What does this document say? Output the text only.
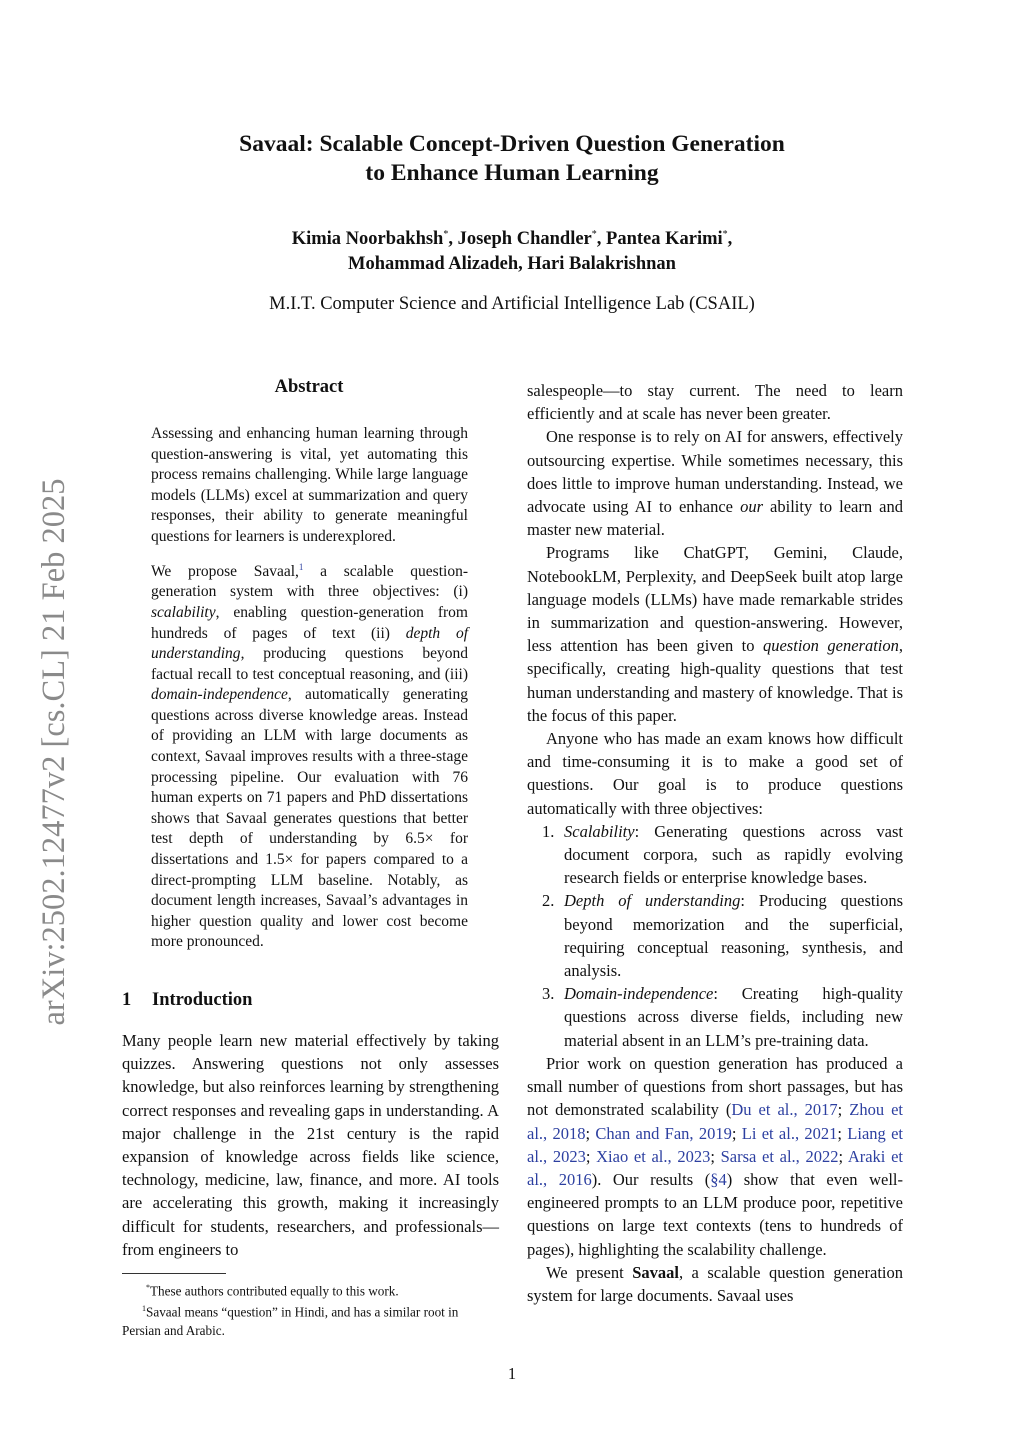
arXiv:2502.12477v2 [cs.CL] 21 Feb 2025
Savaal: Scalable Concept-Driven Question Generation
to Enhance Human Learning
Kimia Noorbakhsh*, Joseph Chandler*, Pantea Karimi*,
Mohammad Alizadeh, Hari Balakrishnan
M.I.T. Computer Science and Artificial Intelligence Lab (CSAIL)
Abstract

Assessing and enhancing human learning through question-answering is vital, yet automating this process remains challenging. While large language models (LLMs) excel at summarization and query responses, their ability to generate meaningful questions for learners is underexplored.

We propose Savaal,$^1$ a scalable question-generation system with three objectives: (i) scalability, enabling question-generation from hundreds of pages of text (ii) depth of understanding, producing questions beyond factual recall to test conceptual reasoning, and (iii) domain-independence, automatically generating questions across diverse knowledge areas. Instead of providing an LLM with large documents as context, Savaal improves results with a three-stage processing pipeline. Our evaluation with 76 human experts on 71 papers and PhD dissertations shows that Savaal generates questions that better test depth of understanding by 6.5× for dissertations and 1.5× for papers compared to a direct-prompting LLM baseline. Notably, as document length increases, Savaal’s advantages in higher question quality and lower cost become more pronounced.

1 Introduction

Many people learn new material effectively by taking quizzes. Answering questions not only assesses knowledge, but also reinforces learning by strengthening correct responses and revealing gaps in understanding. A major challenge in the 21st century is the rapid expansion of knowledge across fields like science, technology, medicine, law, finance, and more. AI tools are accelerating this growth, making it increasingly difficult for students, researchers, and professionals—from engineers to

*These authors contributed equally to this work.
$^1$Savaal means “question” in Hindi, and has a similar root in Persian and Arabic.

salespeople—to stay current. The need to learn efficiently and at scale has never been greater.

One response is to rely on AI for answers, effectively outsourcing expertise. While sometimes necessary, this does little to improve human understanding. Instead, we advocate using AI to enhance our ability to learn and master new material.

Programs like ChatGPT, Gemini, Claude, NotebookLM, Perplexity, and DeepSeek built atop large language models (LLMs) have made remarkable strides in summarization and question-answering. However, less attention has been given to question generation, specifically, creating high-quality questions that test human understanding and mastery of knowledge. That is the focus of this paper.

Anyone who has made an exam knows how difficult and time-consuming it is to make a good set of questions. Our goal is to produce questions automatically with three objectives:

1. Scalability: Generating questions across vast document corpora, such as rapidly evolving research fields or enterprise knowledge bases.
2. Depth of understanding: Producing questions beyond memorization and the superficial, requiring conceptual reasoning, synthesis, and analysis.
3. Domain-independence: Creating high-quality questions across diverse fields, including new material absent in an LLM’s pre-training data.

Prior work on question generation has produced a small number of questions from short passages, but has not demonstrated scalability (Du et al., 2017; Zhou et al., 2018; Chan and Fan, 2019; Li et al., 2021; Liang et al., 2023; Xiao et al., 2023; Sarsa et al., 2022; Araki et al., 2016). Our results (§4) show that even well-engineered prompts to an LLM produce poor, repetitive questions on large text contexts (tens to hundreds of pages), highlighting the scalability challenge.

We present Savaal, a scalable question generation system for large documents. Savaal uses

1
